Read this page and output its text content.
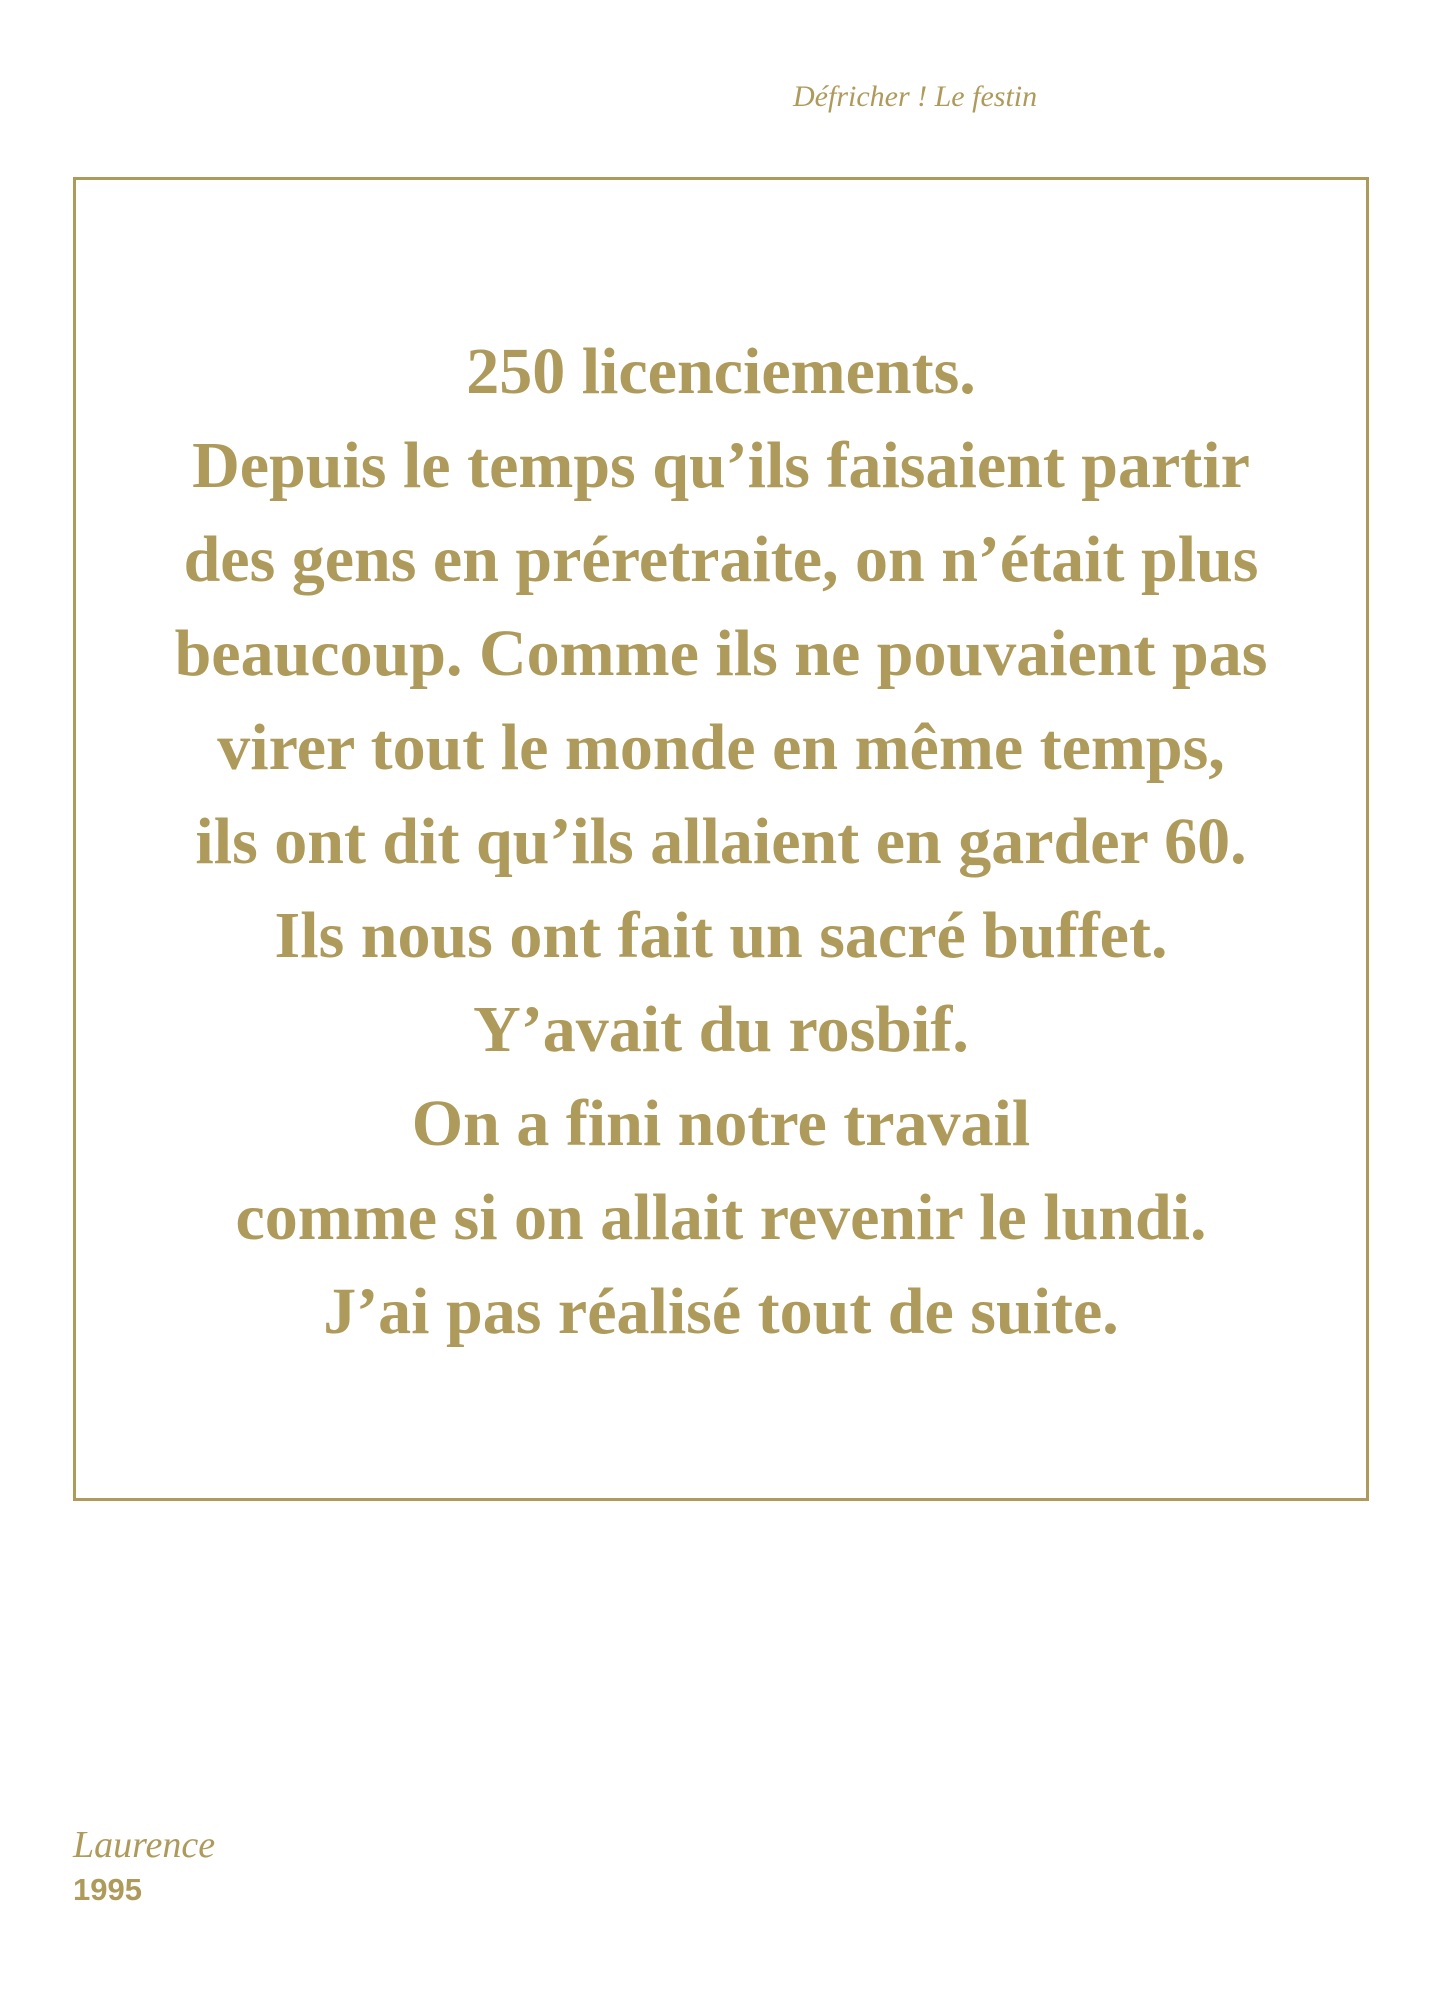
Défricher ! Le festin
250 licenciements.
Depuis le temps qu’ils faisaient partir
des gens en préretraite, on n’était plus
beaucoup. Comme ils ne pouvaient pas
virer tout le monde en même temps,
ils ont dit qu’ils allaient en garder 60.
Ils nous ont fait un sacré buffet.
Y’avait du rosbif.
On a fini notre travail
comme si on allait revenir le lundi.
J’ai pas réalisé tout de suite.
Laurence
1995
